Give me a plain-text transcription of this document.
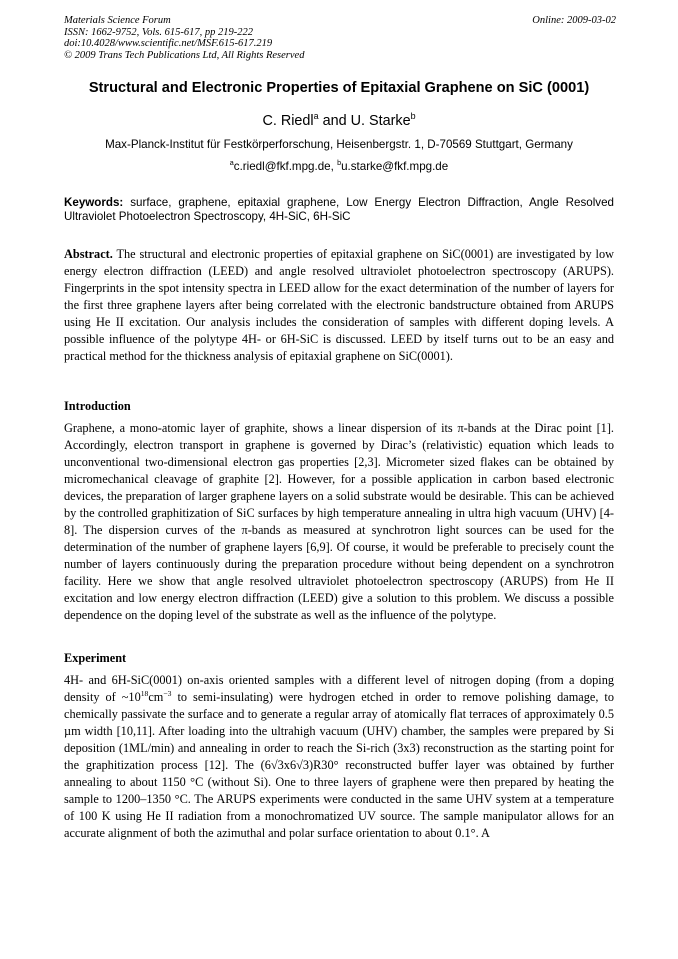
Materials Science Forum
ISSN: 1662-9752, Vols. 615-617, pp 219-222
doi:10.4028/www.scientific.net/MSF.615-617.219
© 2009 Trans Tech Publications Ltd, All Rights Reserved
Online: 2009-03-02
Structural and Electronic Properties of Epitaxial Graphene on SiC (0001)
C. Riedl$^a$ and U. Starke$^b$
Max-Planck-Institut für Festkörperforschung, Heisenbergstr. 1, D-70569 Stuttgart, Germany
$^a$c.riedl@fkf.mpg.de, $^b$u.starke@fkf.mpg.de
Keywords: surface, graphene, epitaxial graphene, Low Energy Electron Diffraction, Angle Resolved Ultraviolet Photoelectron Spectroscopy, 4H-SiC, 6H-SiC
Abstract. The structural and electronic properties of epitaxial graphene on SiC(0001) are investigated by low energy electron diffraction (LEED) and angle resolved ultraviolet photoelectron spectroscopy (ARUPS). Fingerprints in the spot intensity spectra in LEED allow for the exact determination of the number of layers for the first three graphene layers after being correlated with the electronic bandstructure obtained from ARUPS using He II excitation. Our analysis includes the consideration of samples with different doping levels. A possible influence of the polytype 4H- or 6H-SiC is discussed. LEED by itself turns out to be an easy and practical method for the thickness analysis of epitaxial graphene on SiC(0001).
Introduction
Graphene, a mono-atomic layer of graphite, shows a linear dispersion of its π-bands at the Dirac point [1]. Accordingly, electron transport in graphene is governed by Dirac’s (relativistic) equation which leads to unconventional two-dimensional electron gas properties [2,3]. Micrometer sized flakes can be obtained by micromechanical cleavage of graphite [2]. However, for a possible application in carbon based electronic devices, the preparation of larger graphene layers on a solid substrate would be desirable. This can be achieved by the controlled graphitization of SiC surfaces by high temperature annealing in ultra high vacuum (UHV) [4-8]. The dispersion curves of the π-bands as measured at synchrotron light sources can be used for the determination of the number of graphene layers [6,9]. Of course, it would be preferable to precisely count the number of layers continuously during the preparation procedure without being dependent on a synchrotron facility. Here we show that angle resolved ultraviolet photoelectron spectroscopy (ARUPS) from He II excitation and low energy electron diffraction (LEED) give a solution to this problem. We discuss a possible dependence on the doping level of the substrate as well as the influence of the polytype.
Experiment
4H- and 6H-SiC(0001) on-axis oriented samples with a different level of nitrogen doping (from a doping density of $\sim 10^{18}cm^{-3}$ to semi-insulating) were hydrogen etched in order to remove polishing damage, to chemically passivate the surface and to generate a regular array of atomically flat terraces of approximately 0.5 µm width [10,11]. After loading into the ultrahigh vacuum (UHV) chamber, the samples were prepared by Si deposition (1ML/min) and annealing in order to reach the Si-rich (3x3) reconstruction as the starting point for the graphitization process [12]. The (6√3x6√3)R30° reconstructed buffer layer was obtained by further annealing to about 1150 °C (without Si). One to three layers of graphene were then prepared by heating the sample to 1200–1350 °C. The ARUPS experiments were conducted in the same UHV system at a temperature of 100 K using He II radiation from a monochromatized UV source. The sample manipulator allows for an accurate alignment of both the azimuthal and polar surface orientation to about 0.1°. A
